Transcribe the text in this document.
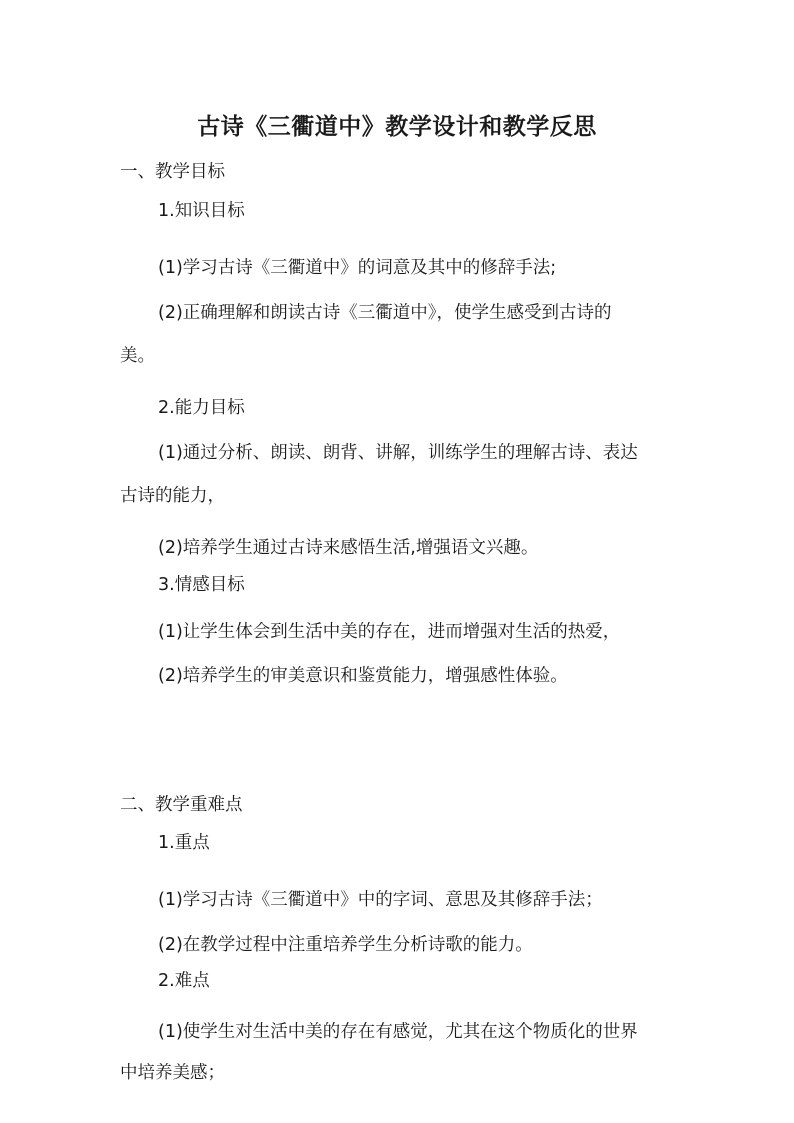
古诗《三衢道中》教学设计和教学反思
一、教学目标
1.知识目标
(1)学习古诗《三衢道中》的词意及其中的修辞手法;
(2)正确理解和朗读古诗《三衢道中》，使学生感受到古诗的
美。
2.能力目标
(1)通过分析、朗读、朗背、讲解，训练学生的理解古诗、表达
古诗的能力，
(2)培养学生通过古诗来感悟生活,增强语文兴趣。
3.情感目标
(1)让学生体会到生活中美的存在，进而增强对生活的热爱，
(2)培养学生的审美意识和鉴赏能力，增强感性体验。
二、教学重难点
1.重点
(1)学习古诗《三衢道中》中的字词、意思及其修辞手法；
(2)在教学过程中注重培养学生分析诗歌的能力。
2.难点
(1)使学生对生活中美的存在有感觉，尤其在这个物质化的世界
中培养美感；
